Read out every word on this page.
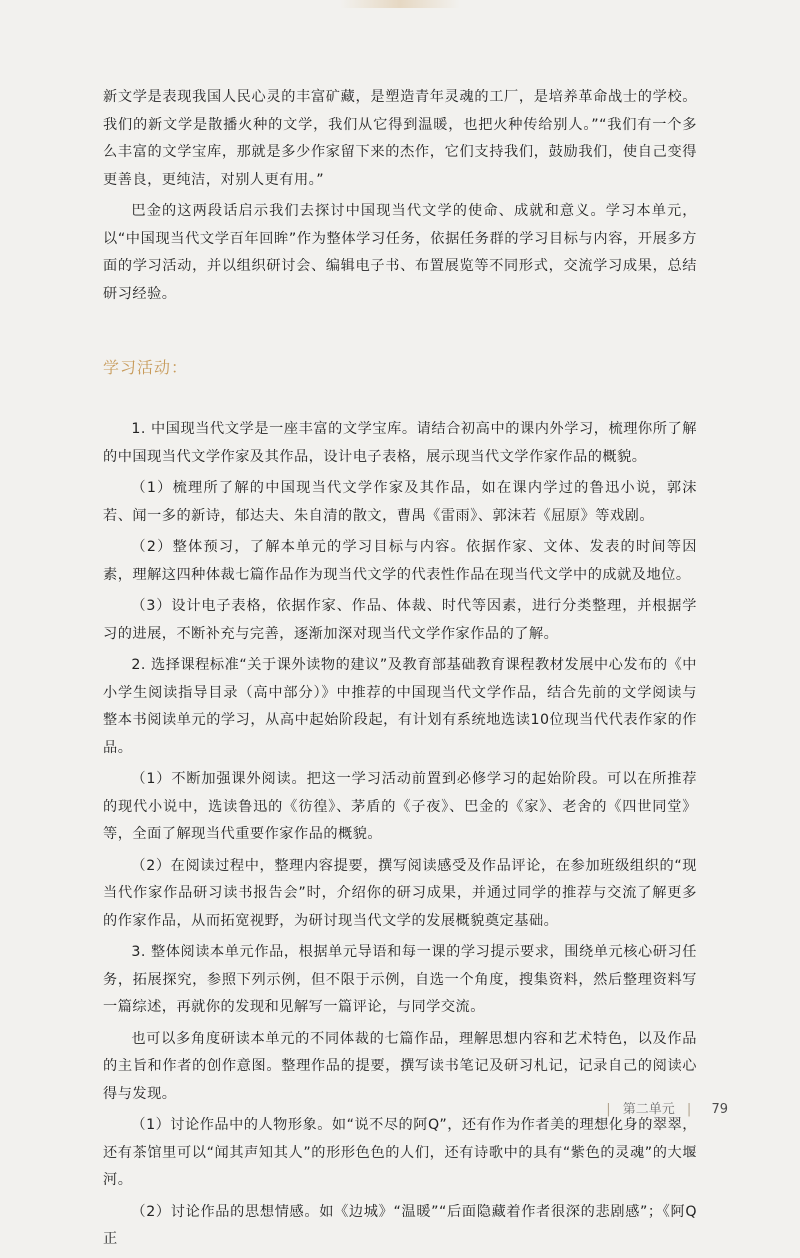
新文学是表现我国人民心灵的丰富矿藏，是塑造青年灵魂的工厂，是培养革命战士的学校。我们的新文学是散播火种的文学，我们从它得到温暖，也把火种传给别人。”“我们有一个多么丰富的文学宝库，那就是多少作家留下来的杰作，它们支持我们，鼓励我们，使自己变得更善良，更纯洁，对别人更有用。”

巴金的这两段话启示我们去探讨中国现当代文学的使命、成就和意义。学习本单元，以“中国现当代文学百年回眸”作为整体学习任务，依据任务群的学习目标与内容，开展多方面的学习活动，并以组织研讨会、编辑电子书、布置展览等不同形式，交流学习成果，总结研习经验。

学习活动：

1. 中国现当代文学是一座丰富的文学宝库。请结合初高中的课内外学习，梳理你所了解的中国现当代文学作家及其作品，设计电子表格，展示现当代文学作家作品的概貌。

（1）梳理所了解的中国现当代文学作家及其作品，如在课内学过的鲁迅小说，郭沫若、闻一多的新诗，郁达夫、朱自清的散文，曹禺《雷雨》、郭沫若《屈原》等戏剧。

（2）整体预习，了解本单元的学习目标与内容。依据作家、文体、发表的时间等因素，理解这四种体裁七篇作品作为现当代文学的代表性作品在现当代文学中的成就及地位。

（3）设计电子表格，依据作家、作品、体裁、时代等因素，进行分类整理，并根据学习的进展，不断补充与完善，逐渐加深对现当代文学作家作品的了解。

2. 选择课程标准“关于课外读物的建议”及教育部基础教育课程教材发展中心发布的《中小学生阅读指导目录（高中部分）》中推荐的中国现当代文学作品，结合先前的文学阅读与整本书阅读单元的学习，从高中起始阶段起，有计划有系统地选读10位现当代代表作家的作品。

（1）不断加强课外阅读。把这一学习活动前置到必修学习的起始阶段。可以在所推荐的现代小说中，选读鲁迅的《彷徨》、茅盾的《子夜》、巴金的《家》、老舍的《四世同堂》等，全面了解现当代重要作家作品的概貌。

（2）在阅读过程中，整理内容提要，撰写阅读感受及作品评论，在参加班级组织的“现当代作家作品研习读书报告会”时，介绍你的研习成果，并通过同学的推荐与交流了解更多的作家作品，从而拓宽视野，为研讨现当代文学的发展概貌奠定基础。

3. 整体阅读本单元作品，根据单元导语和每一课的学习提示要求，围绕单元核心研习任务，拓展探究，参照下列示例，但不限于示例，自选一个角度，搜集资料，然后整理资料写一篇综述，再就你的发现和见解写一篇评论，与同学交流。

也可以多角度研读本单元的不同体裁的七篇作品，理解思想内容和艺术特色，以及作品的主旨和作者的创作意图。整理作品的提要，撰写读书笔记及研习札记，记录自己的阅读心得与发现。

（1）讨论作品中的人物形象。如“说不尽的阿Q”，还有作为作者美的理想化身的翠翠，还有茶馆里可以“闻其声知其人”的形形色色的人们，还有诗歌中的具有“紫色的灵魂”的大堰河。

（2）讨论作品的思想情感。如《边城》“温暖”“后面隐藏着作者很深的悲剧感”；《阿Q正

| 第二单元 | 79
